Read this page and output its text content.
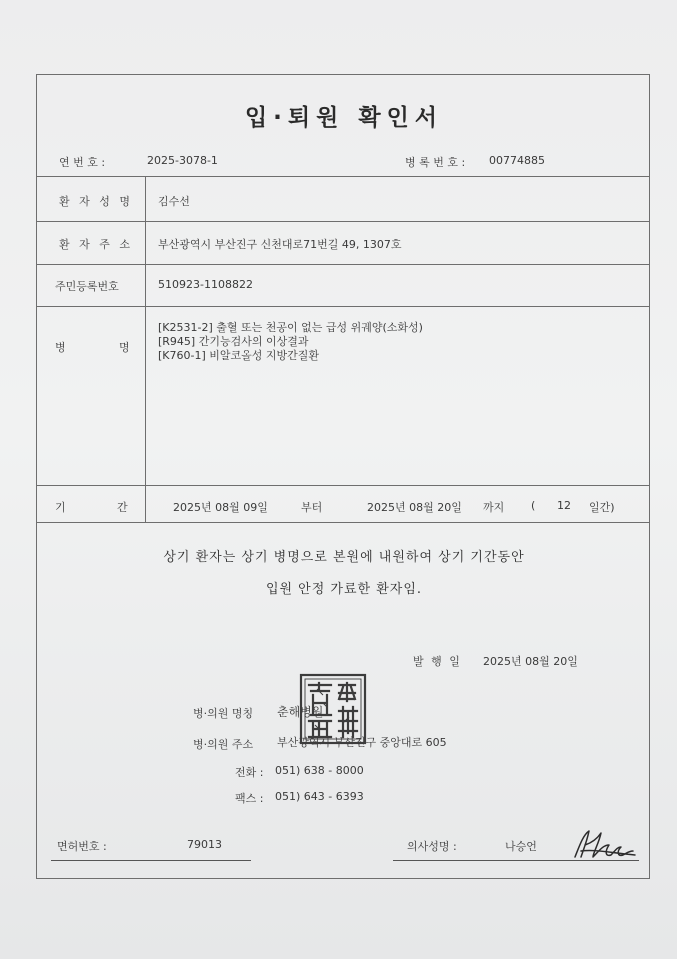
입·퇴원 확인서
연 번 호 :	2025-3078-1	병 록 번 호 : 00774885
환 자 성 명 김수선
환 자 주 소 부산광역시 부산진구 신천대로71번길 49, 1307호
주민등록번호	510923-1108822
병	명
[K2531-2] 출혈 또는 천공이 없는 급성 위궤양(소화성)
[R945] 간기능검사의 이상결과
[K760-1] 비알코올성 지방간질환
기	간	2025년 08월 09일	부터	2025년 08월 20일 까지 ( 12 일간)
상기 환자는 상기 병명으로 본원에 내원하여 상기 기간동안
입원 안정 가료한 환자임.
발 행 일 2025년 08월 20일
병·의원 명칭 춘해병원
병·의원 주소 부산광역시 부산진구 중앙대로 605
전화 : 051) 638 - 8000
팩스 : 051) 643 - 6393
면허번호 :	79013	의사성명 :	나승언
